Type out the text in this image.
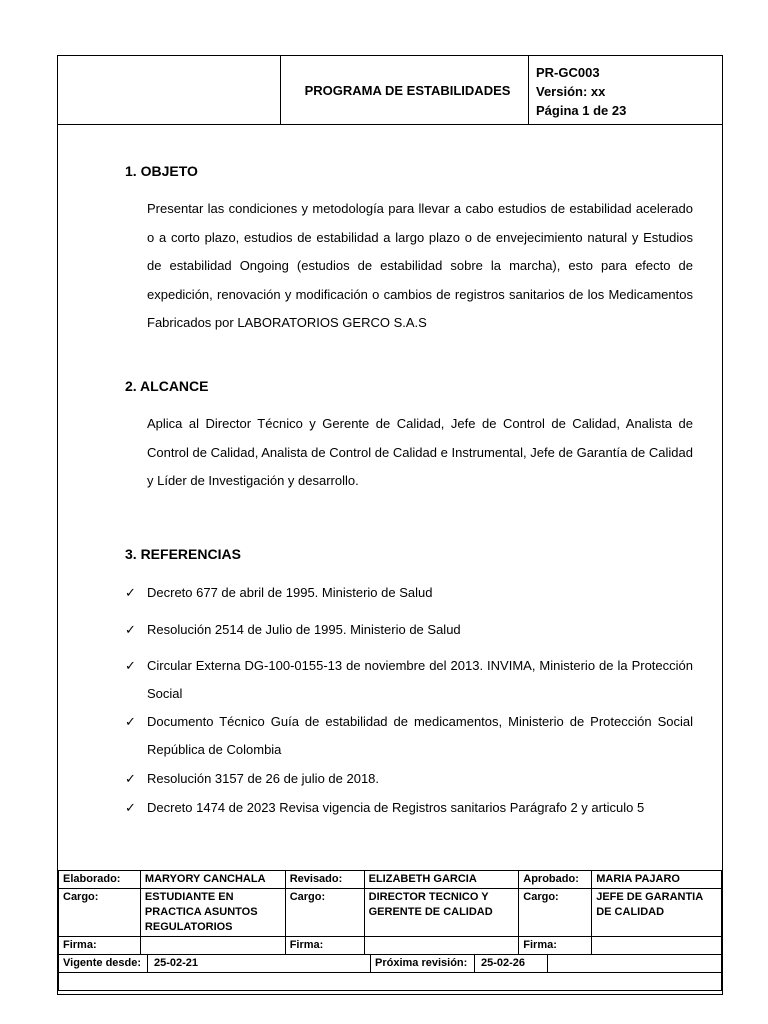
PROGRAMA DE ESTABILIDADES
PR-GC003
Versión: xx
Página 1 de 23
1. OBJETO
Presentar las condiciones y metodología para llevar a cabo estudios de estabilidad acelerado o a corto plazo, estudios de estabilidad a largo plazo o de envejecimiento natural y Estudios de estabilidad Ongoing (estudios de estabilidad sobre la marcha), esto para efecto de expedición, renovación y modificación o cambios de registros sanitarios de los Medicamentos Fabricados por LABORATORIOS GERCO S.A.S
2. ALCANCE
Aplica al Director Técnico y Gerente de Calidad, Jefe de Control de Calidad, Analista de Control de Calidad, Analista de Control de Calidad e Instrumental, Jefe de Garantía de Calidad y Líder de Investigación y desarrollo.
3. REFERENCIAS
✓ Decreto 677 de abril de 1995. Ministerio de Salud
✓ Resolución 2514 de Julio de 1995. Ministerio de Salud
✓ Circular Externa DG-100-0155-13 de noviembre del 2013. INVIMA, Ministerio de la Protección Social
✓ Documento Técnico Guía de estabilidad de medicamentos, Ministerio de Protección Social República de Colombia
✓ Resolución 3157 de 26 de julio de 2018.
✓ Decreto 1474 de 2023 Revisa vigencia de Registros sanitarios Parágrafo 2 y articulo 5
Elaborado:	MARYORY CANCHALA	Revisado:	ELIZABETH GARCIA	Aprobado:	MARIA PAJARO
Cargo:	ESTUDIANTE EN PRACTICA ASUNTOS REGULATORIOS	Cargo:	DIRECTOR TECNICO Y GERENTE DE CALIDAD	Cargo:	JEFE DE GARANTIA DE CALIDAD
Firma:		Firma:		Firma:	

Vigente desde:	25-02-21	Próxima revisión:	25-02-26	
